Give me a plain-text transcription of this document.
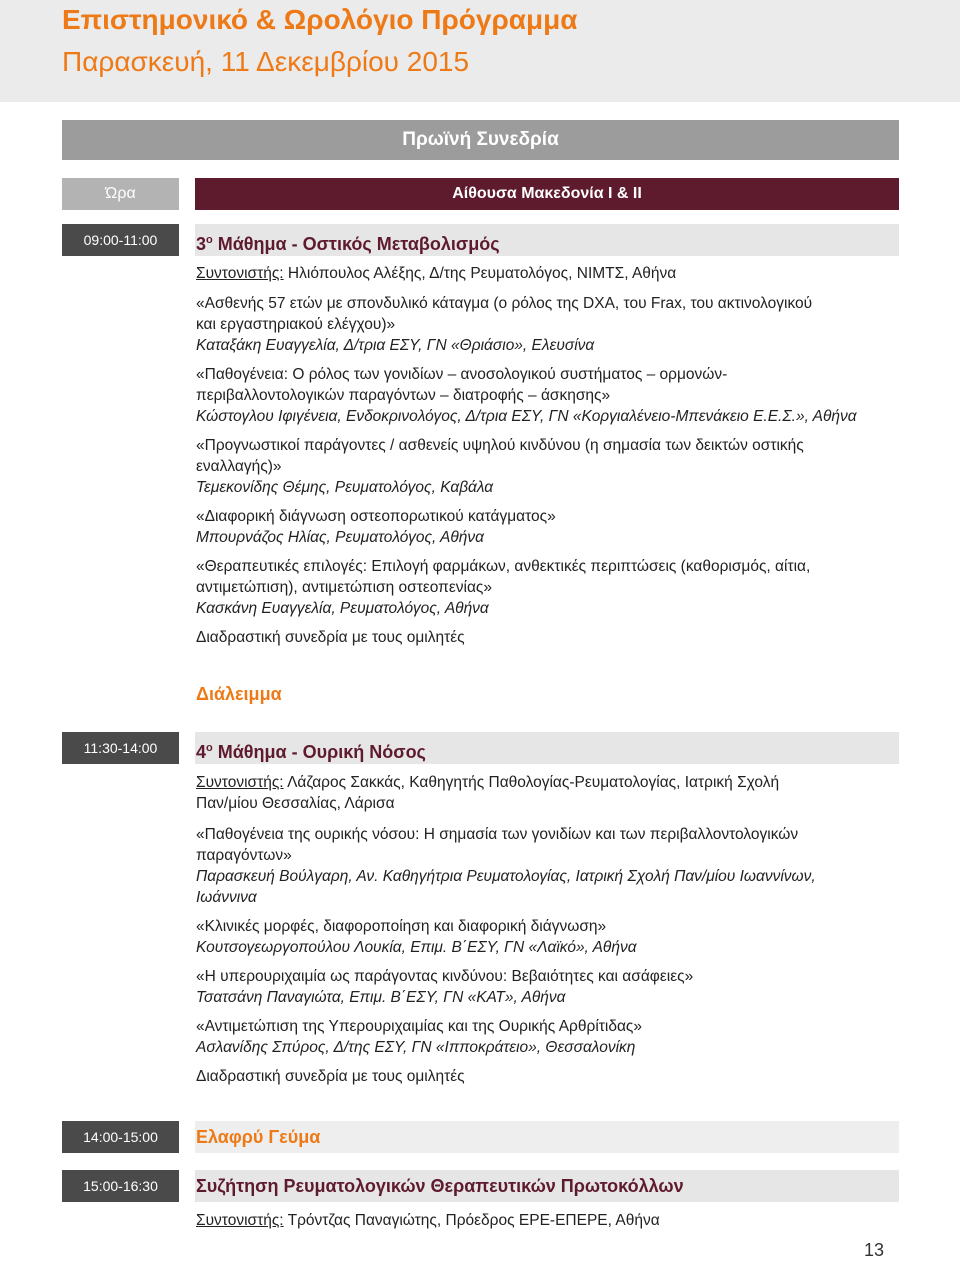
Επιστημονικό & Ωρολόγιο Πρόγραμμα
Παρασκευή, 11 Δεκεμβρίου 2015
Πρωϊνή Συνεδρία
Ώρα	Αίθουσα Μακεδονία Ι & ΙΙ
09:00-11:00	$3^o$ Μάθημα - Οστικός Μεταβολισμός
Συντονιστής: Ηλιόπουλος Αλέξης, Δ/της Ρευματολόγος, ΝΙΜΤΣ, Αθήνα
«Ασθενής 57 ετών με σπονδυλικό κάταγμα (ο ρόλος της DXA, του Frax, του ακτινολογικού
και εργαστηριακού ελέγχου)»
Καταξάκη Ευαγγελία, Δ/τρια ΕΣΥ, ΓΝ «Θριάσιο», Ελευσίνα
«Παθογένεια: Ο ρόλος των γονιδίων – ανοσολογικού συστήματος – ορμονών-
περιβαλλοντολογικών παραγόντων – διατροφής – άσκησης»
Κώστογλου Ιφιγένεια, Ενδοκρινολόγος, Δ/τρια ΕΣΥ, ΓΝ «Κοργιαλένειο-Μπενάκειο Ε.Ε.Σ.», Αθήνα
«Προγνωστικοί παράγοντες / ασθενείς υψηλού κινδύνου (η σημασία των δεικτών οστικής
εναλλαγής)»
Τεμεκονίδης Θέμης, Ρευματολόγος, Καβάλα
«Διαφορική διάγνωση οστεοπορωτικού κατάγματος»
Μπουρνάζος Ηλίας, Ρευματολόγος, Αθήνα
«Θεραπευτικές επιλογές: Επιλογή φαρμάκων, ανθεκτικές περιπτώσεις (καθορισμός, αίτια,
αντιμετώπιση), αντιμετώπιση οστεοπενίας»
Κασκάνη Ευαγγελία, Ρευματολόγος, Αθήνα
Διαδραστική συνεδρία με τους ομιλητές
Διάλειμμα
11:30-14:00	$4^o$ Μάθημα - Ουρική Νόσος
Συντονιστής: Λάζαρος Σακκάς, Καθηγητής Παθολογίας-Ρευματολογίας, Ιατρική Σχολή
Παν/μίου Θεσσαλίας, Λάρισα
«Παθογένεια της ουρικής νόσου: Η σημασία των γονιδίων και των περιβαλλοντολογικών
παραγόντων»
Παρασκευή Βούλγαρη, Αν. Καθηγήτρια Ρευματολογίας, Ιατρική Σχολή Παν/μίου Ιωαννίνων,
Ιωάννινα
«Κλινικές μορφές, διαφοροποίηση και διαφορική διάγνωση»
Κουτσογεωργοπούλου Λουκία, Επιμ. Β΄ΕΣΥ, ΓΝ «Λαϊκό», Αθήνα
«Η υπερουριχαιμία ως παράγοντας κινδύνου: Βεβαιότητες και ασάφειες»
Τσατσάνη Παναγιώτα, Επιμ. Β΄ΕΣΥ, ΓΝ «ΚΑΤ», Αθήνα
«Αντιμετώπιση της Υπερουριχαιμίας και της Ουρικής Αρθρίτιδας»
Ασλανίδης Σπύρος, Δ/της ΕΣΥ, ΓΝ «Ιπποκράτειο», Θεσσαλονίκη
Διαδραστική συνεδρία με τους ομιλητές
14:00-15:00	Ελαφρύ Γεύμα
15:00-16:30	Συζήτηση Ρευματολογικών Θεραπευτικών Πρωτοκόλλων
Συντονιστής: Τρόντζας Παναγιώτης, Πρόεδρος ΕΡΕ-ΕΠΕΡΕ, Αθήνα
13
